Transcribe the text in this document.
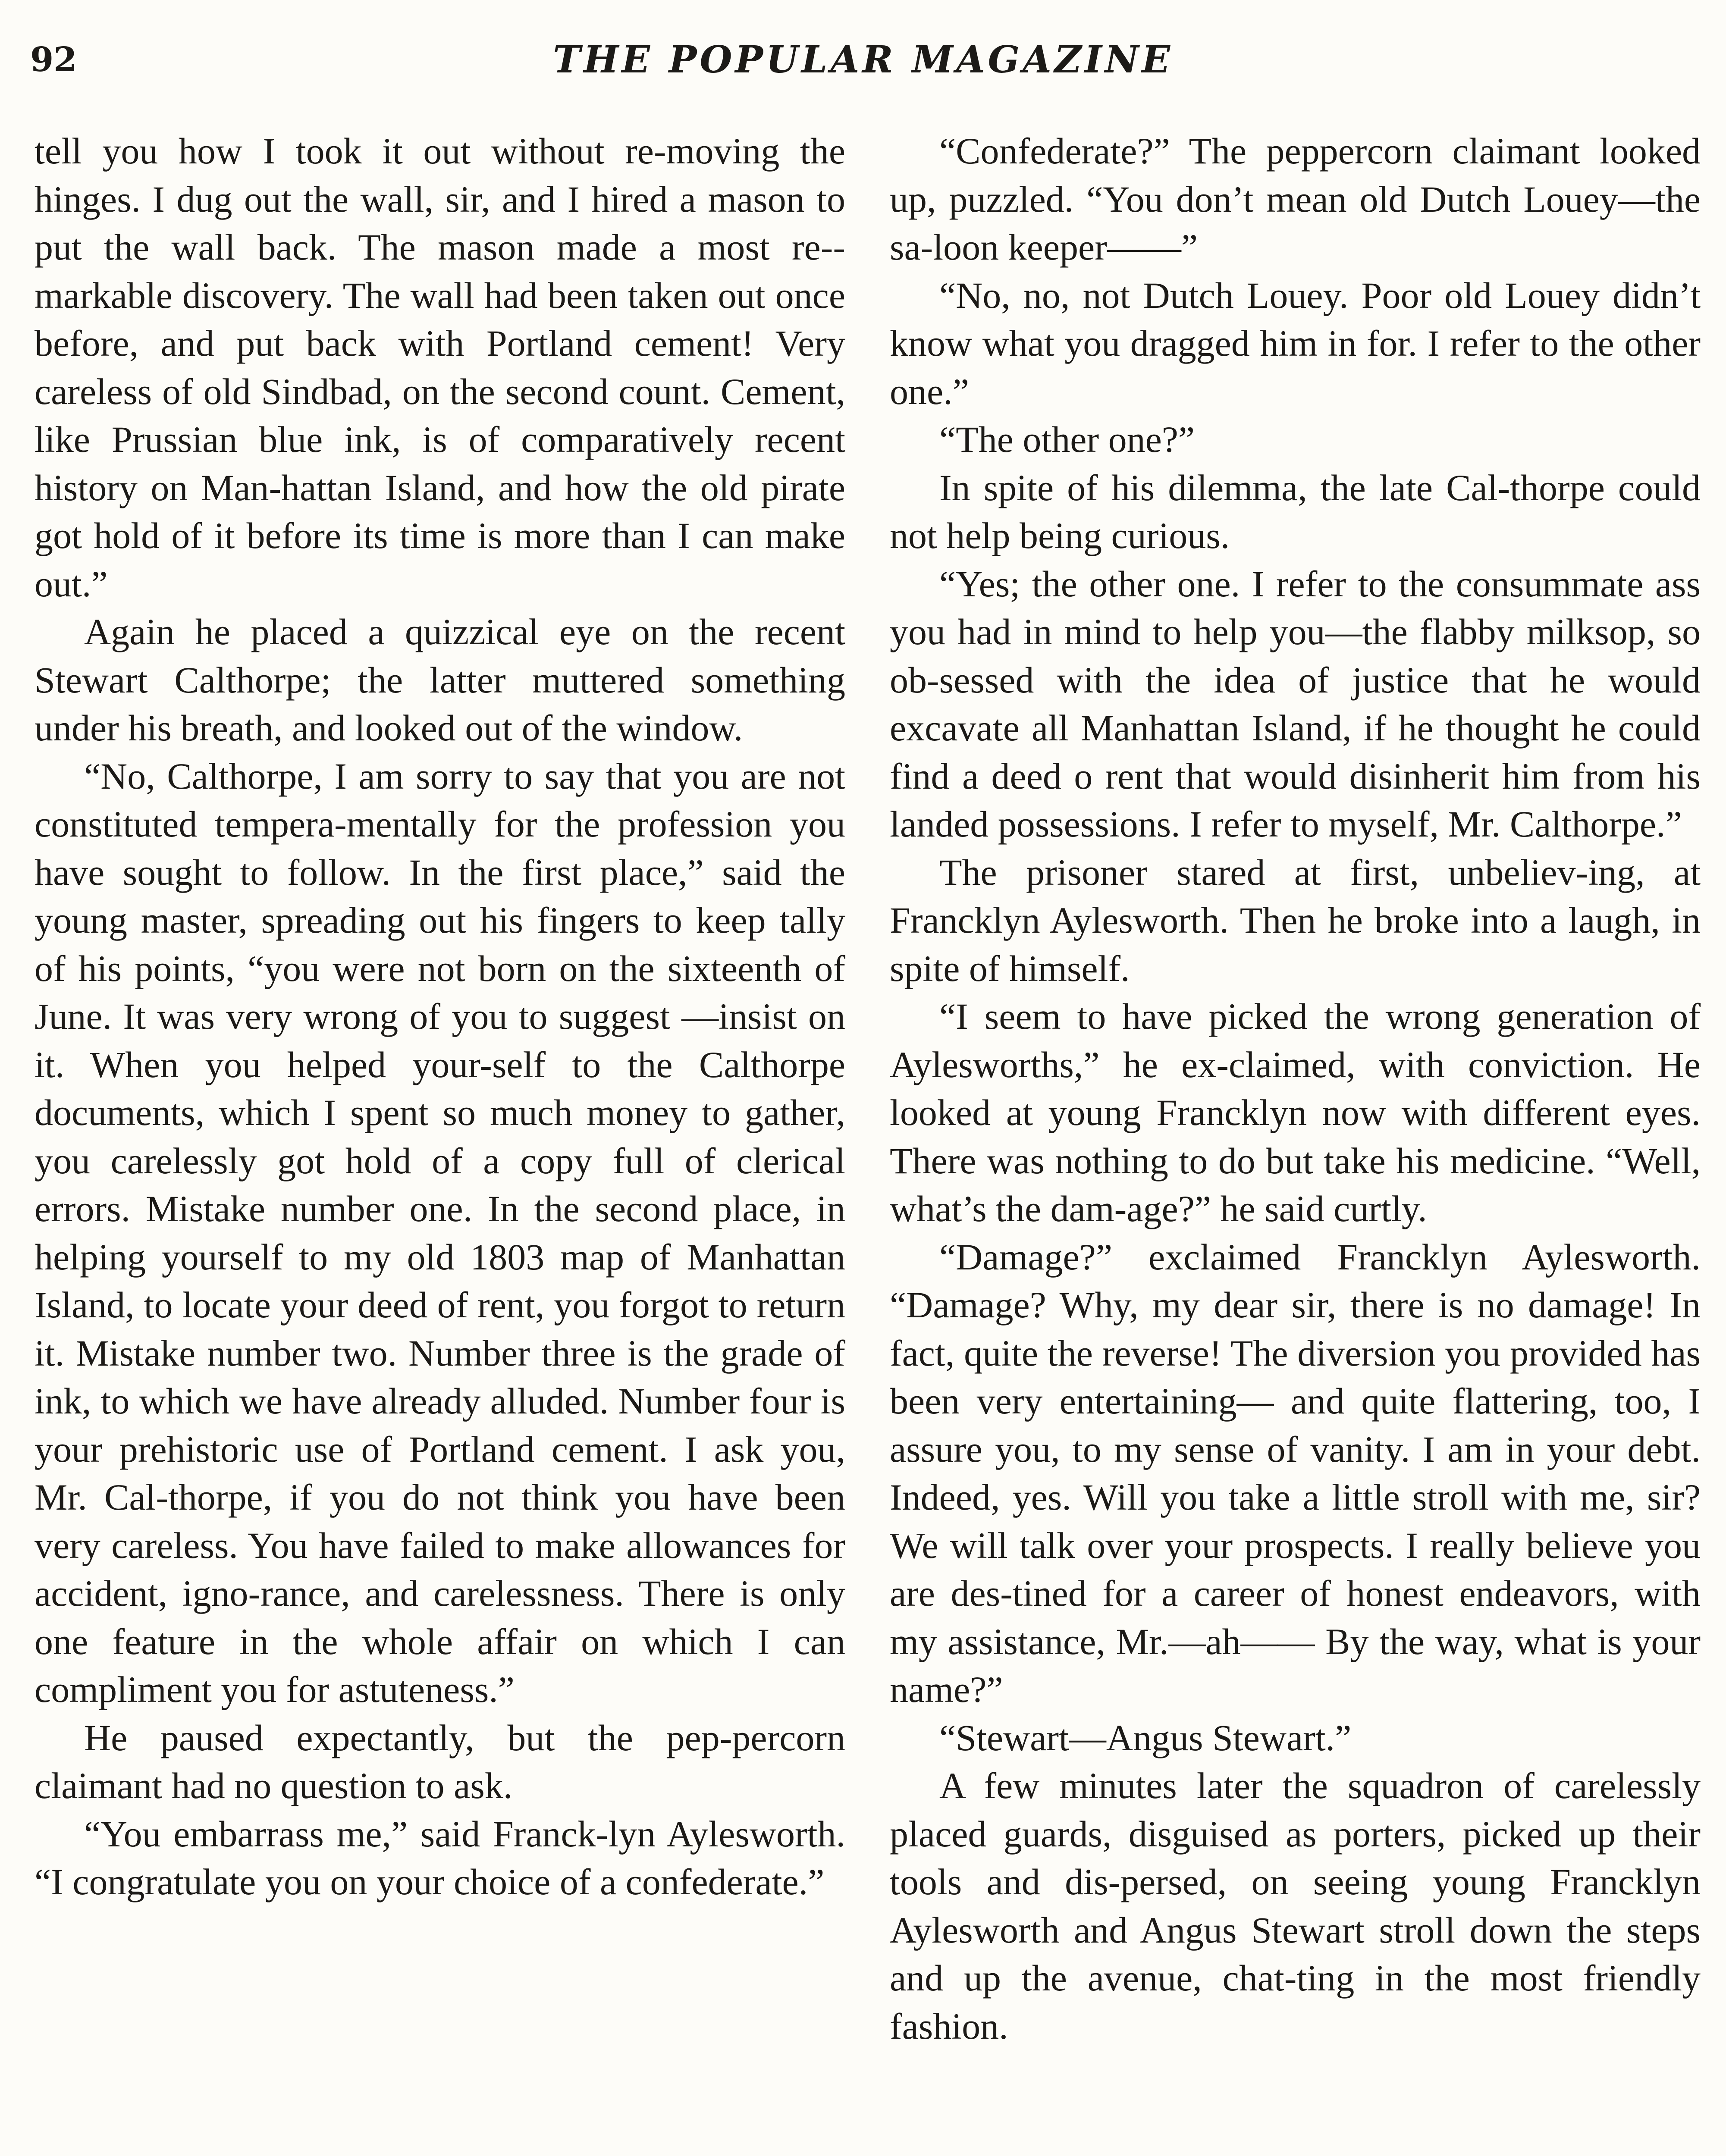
92	THE POPULAR MAGAZINE

tell you how I took it out without re-moving the hinges. I dug out the wall, sir, and I hired a mason to put the wall back. The mason made a most re-markable discovery. The wall had been taken out once before, and put back with Portland cement! Very careless of old Sindbad, on the second count. Cement, like Prussian blue ink, is of comparatively recent history on Man-hattan Island, and how the old pirate got hold of it before its time is more than I can make out.”

Again he placed a quizzical eye on the recent Stewart Calthorpe; the latter muttered something under his breath, and looked out of the window.

“No, Calthorpe, I am sorry to say that you are not constituted tempera-mentally for the profession you have sought to follow. In the first place,” said the young master, spreading out his fingers to keep tally of his points, “you were not born on the sixteenth of June. It was very wrong of you to suggest —insist on it. When you helped your-self to the Calthorpe documents, which I spent so much money to gather, you carelessly got hold of a copy full of clerical errors. Mistake number one. In the second place, in helping yourself to my old 1803 map of Manhattan Island, to locate your deed of rent, you forgot to return it. Mistake number two. Number three is the grade of ink, to which we have already alluded. Number four is your prehistoric use of Portland cement. I ask you, Mr. Cal-thorpe, if you do not think you have been very careless. You have failed to make allowances for accident, igno-rance, and carelessness. There is only one feature in the whole affair on which I can compliment you for astuteness.”

He paused expectantly, but the pep-percorn claimant had no question to ask.

“You embarrass me,” said Franck-lyn Aylesworth. “I congratulate you on your choice of a confederate.”

“Confederate?” The peppercorn claimant looked up, puzzled. “You don’t mean old Dutch Louey—the sa-loon keeper——”

“No, no, not Dutch Louey. Poor old Louey didn’t know what you dragged him in for. I refer to the other one.”

“The other one?”

In spite of his dilemma, the late Cal-thorpe could not help being curious.

“Yes; the other one. I refer to the consummate ass you had in mind to help you—the flabby milksop, so ob-sessed with the idea of justice that he would excavate all Manhattan Island, if he thought he could find a deed o rent that would disinherit him from his landed possessions. I refer to myself, Mr. Calthorpe.”

The prisoner stared at first, unbeliev-ing, at Francklyn Aylesworth. Then he broke into a laugh, in spite of himself.

“I seem to have picked the wrong generation of Aylesworths,” he ex-claimed, with conviction. He looked at young Francklyn now with different eyes. There was nothing to do but take his medicine. “Well, what’s the dam-age?” he said curtly.

“Damage?” exclaimed Francklyn Aylesworth. “Damage? Why, my dear sir, there is no damage! In fact, quite the reverse! The diversion you provided has been very entertaining— and quite flattering, too, I assure you, to my sense of vanity. I am in your debt. Indeed, yes. Will you take a little stroll with me, sir? We will talk over your prospects. I really believe you are des-tined for a career of honest endeavors, with my assistance, Mr.—ah—— By the way, what is your name?”

“Stewart—Angus Stewart.”

A few minutes later the squadron of carelessly placed guards, disguised as porters, picked up their tools and dis-persed, on seeing young Francklyn Aylesworth and Angus Stewart stroll down the steps and up the avenue, chat-ting in the most friendly fashion.
